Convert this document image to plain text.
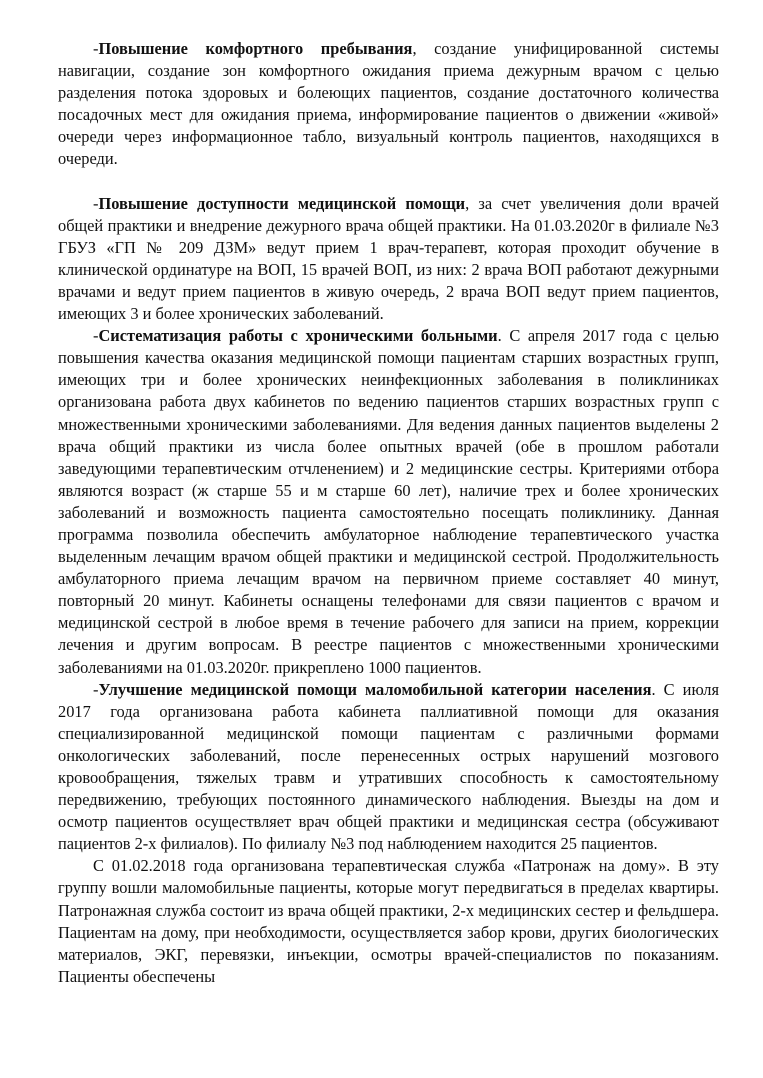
-Повышение комфортного пребывания, создание унифицированной системы навигации, создание зон комфортного ожидания приема дежурным врачом с целью разделения потока здоровых и болеющих пациентов, создание достаточного количества посадочных мест для ожидания приема, информирование пациентов о движении «живой» очереди через информационное табло, визуальный контроль пациентов, находящихся в очереди.

-Повышение доступности медицинской помощи, за счет увеличения доли врачей общей практики и внедрение дежурного врача общей практики. На 01.03.2020г в филиале №3 ГБУЗ «ГП № 209 ДЗМ» ведут прием 1 врач-терапевт, которая проходит обучение в клинической ординатуре на ВОП, 15 врачей ВОП, из них: 2 врача ВОП работают дежурными врачами и ведут прием пациентов в живую очередь, 2 врача ВОП ведут прием пациентов, имеющих 3 и более хронических заболеваний.

-Систематизация работы с хроническими больными. С апреля 2017 года с целью повышения качества оказания медицинской помощи пациентам старших возрастных групп, имеющих три и более хронических неинфекционных заболевания в поликлиниках организована работа двух кабинетов по ведению пациентов старших возрастных групп с множественными хроническими заболеваниями. Для ведения данных пациентов выделены 2 врача общий практики из числа более опытных врачей (обе в прошлом работали заведующими терапевтическим отчленением) и 2 медицинские сестры. Критериями отбора являются возраст (ж старше 55 и м старше 60 лет), наличие трех и более хронических заболеваний и возможность пациента самостоятельно посещать поликлинику. Данная программа позволила обеспечить амбулаторное наблюдение терапевтического участка выделенным лечащим врачом общей практики и медицинской сестрой. Продолжительность амбулаторного приема лечащим врачом на первичном приеме составляет 40 минут, повторный 20 минут. Кабинеты оснащены телефонами для связи пациентов с врачом и медицинской сестрой в любое время в течение рабочего для записи на прием, коррекции лечения и другим вопросам. В реестре пациентов с множественными хроническими заболеваниями на 01.03.2020г. прикреплено 1000 пациентов.

-Улучшение медицинской помощи маломобильной категории населения. С июля 2017 года организована работа кабинета паллиативной помощи для оказания специализированной медицинской помощи пациентам с различными формами онкологических заболеваний, после перенесенных острых нарушений мозгового кровообращения, тяжелых травм и утративших способность к самостоятельному передвижению, требующих постоянного динамического наблюдения. Выезды на дом и осмотр пациентов осуществляет врач общей практики и медицинская сестра (обсуживают пациентов 2-х филиалов). По филиалу №3 под наблюдением находится 25 пациентов.

С 01.02.2018 года организована терапевтическая служба «Патронаж на дому». В эту группу вошли маломобильные пациенты, которые могут передвигаться в пределах квартиры. Патронажная служба состоит из врача общей практики, 2-х медицинских сестер и фельдшера. Пациентам на дому, при необходимости, осуществляется забор крови, других биологических материалов, ЭКГ, перевязки, инъекции, осмотры врачей-специалистов по показаниям. Пациенты обеспечены
